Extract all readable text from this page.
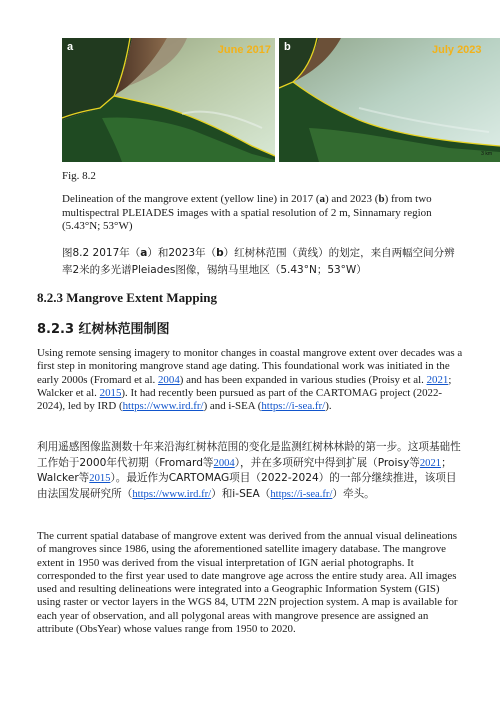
a	June 2017 b	July 2023
3 km
Fig. 8.2
Delineation of the mangrove extent (yellow line) in 2017 (a) and 2023 (b) from two multispectral PLEIADES images with a spatial resolution of 2 m, Sinnamary region (5.43°N; 53°W)
图8.2 2017年（a）和2023年（b）红树林范围（黄线）的划定，来自两幅空间分辨率2米的多光谱Pleiades图像，锡纳马里地区（5.43°N；53°W）
8.2.3 Mangrove Extent Mapping
8.2.3 红树林范围制图

Using remote sensing imagery to monitor changes in coastal mangrove extent over decades was a first step in monitoring mangrove stand age dating. This foundational work was initiated in the early 2000s (Fromard et al. 2004) and has been expanded in various studies (Proisy et al. 2021; Walcker et al. 2015). It had recently been pursued as part of the CARTOMAG project (2022-2024), led by IRD (https://www.ird.fr/) and i-SEA (https://i-sea.fr/).

利用遥感图像监测数十年来沿海红树林范围的变化是监测红树林林龄的第一步。这项基础性工作始于2000年代初期（Fromard等2004），并在多项研究中得到扩展（Proisy等2021；Walcker等2015）。最近作为CARTOMAG项目（2022-2024）的一部分继续推进，该项目由法国发展研究所（https://www.ird.fr/）和i-SEA（https://i-sea.fr/）牵头。

The current spatial database of mangrove extent was derived from the annual visual delineations of mangroves since 1986, using the aforementioned satellite imagery database. The mangrove extent in 1950 was derived from the visual interpretation of IGN aerial photographs. It corresponded to the first year used to date mangrove age across the entire study area. All images used and resulting delineations were integrated into a Geographic Information System (GIS) using raster or vector layers in the WGS 84, UTM 22N projection system. A map is available for each year of observation, and all polygonal areas with mangrove presence are assigned an attribute (ObsYear) whose values range from 1950 to 2020.
